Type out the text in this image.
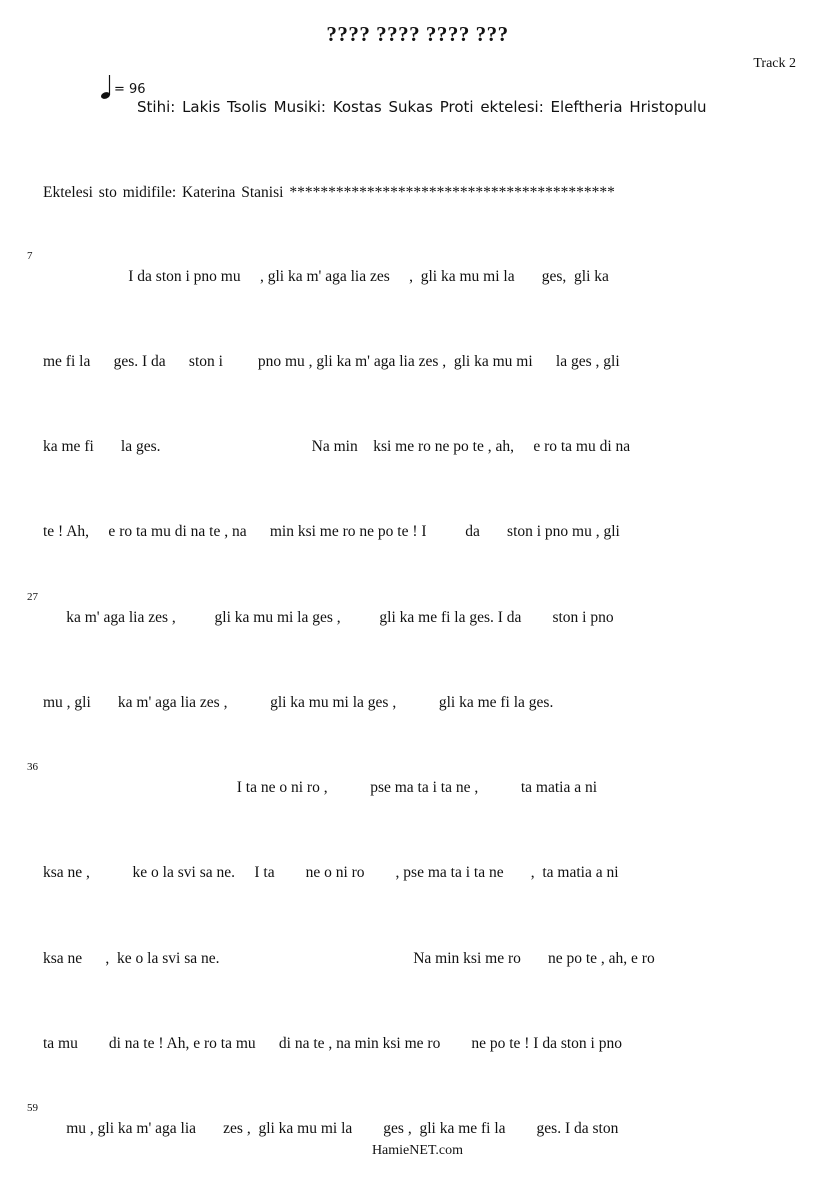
???? ???? ???? ???
Track 2
= 96
Stihi: Lakis Tsolis Musiki: Kostas Sukas Proti ektelesi: Eleftheria Hristopulu
Ektelesi sto midifile: Katerina Stanisi ******************************************
7
I da ston i pno mu     , gli ka m' aga lia zes     ,  gli ka mu mi la       ges,  gli ka
me fi la      ges. I da      ston i         pno mu , gli ka m' aga lia zes ,  gli ka mu mi      la ges , gli
ka me fi       la ges.                                       Na min    ksi me ro ne po te , ah,     e ro ta mu di na
te ! Ah,     e ro ta mu di na te , na      min ksi me ro ne po te ! I          da       ston i pno mu , gli
27
ka m' aga lia zes ,          gli ka mu mi la ges ,          gli ka me fi la ges. I da        ston i pno
mu , gli       ka m' aga lia zes ,           gli ka mu mi la ges ,           gli ka me fi la ges.
36
I ta ne o ni ro ,           pse ma ta i ta ne ,           ta matia a ni
ksa ne ,           ke o la svi sa ne.     I ta        ne o ni ro        , pse ma ta i ta ne       ,  ta matia a ni
ksa ne      ,  ke o la svi sa ne.                                                  Na min ksi me ro       ne po te , ah, e ro
ta mu        di na te ! Ah, e ro ta mu      di na te , na min ksi me ro        ne po te ! I da ston i pno
59
mu , gli ka m' aga lia       zes ,  gli ka mu mi la        ges ,  gli ka me fi la        ges. I da ston
HamieNET.com
